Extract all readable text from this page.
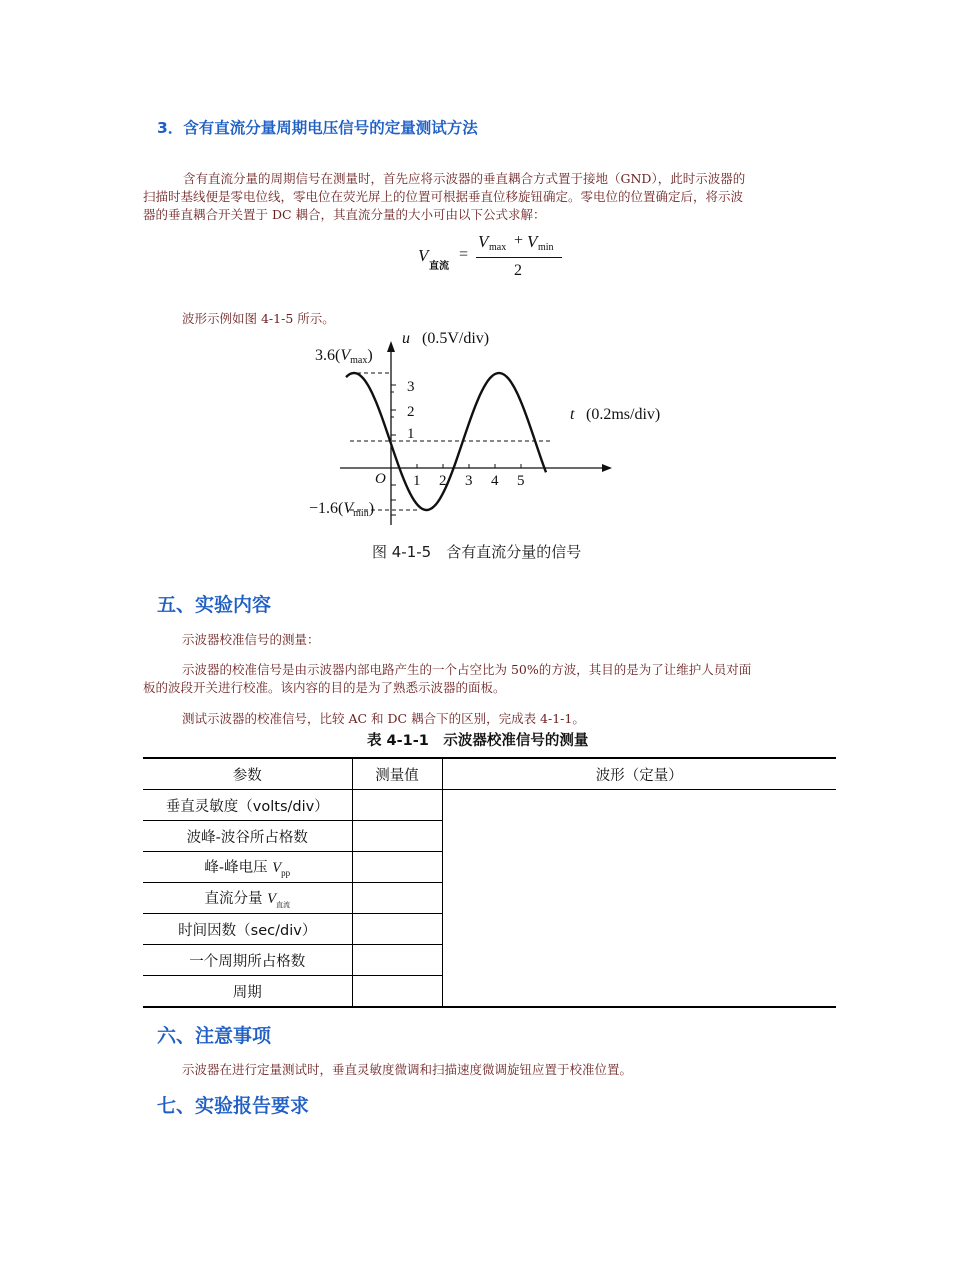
3．含有直流分量周期电压信号的定量测试方法
含有直流分量的周期信号在测量时，首先应将示波器的垂直耦合方式置于接地（GND），此时示波器的
扫描时基线便是零电位线，零电位在荧光屏上的位置可根据垂直位移旋钮确定。零电位的位置确定后，将示波
器的垂直耦合开关置于 DC 耦合，其直流分量的大小可由以下公式求解：
V
直流
=
V max + V min
2
波形示例如图 4-1-5 所示。
u (0.5V/div)
t (0.2ms/div)
3.6(Vmax)
−1.6(Vmin)
O
3
2
1
1 2 3 4 5
图 4-1-5　含有直流分量的信号
五、实验内容
示波器校准信号的测量：
示波器的校准信号是由示波器内部电路产生的一个占空比为 50%的方波，其目的是为了让维护人员对面
板的波段开关进行校准。该内容的目的是为了熟悉示波器的面板。
测试示波器的校准信号，比较 AC 和 DC 耦合下的区别，完成表 4-1-1。
表 4-1-1　示波器校准信号的测量
参数	测量值	波形（定量）
垂直灵敏度（volts/div）		
波峰-波谷所占格数		
峰-峰电压 $V_{pp}$	
直流分量 $V_{直流}$	
时间因数（sec/div）		
一个周期所占格数		
周期		
六、注意事项
示波器在进行定量测试时，垂直灵敏度微调和扫描速度微调旋钮应置于校准位置。
七、实验报告要求
